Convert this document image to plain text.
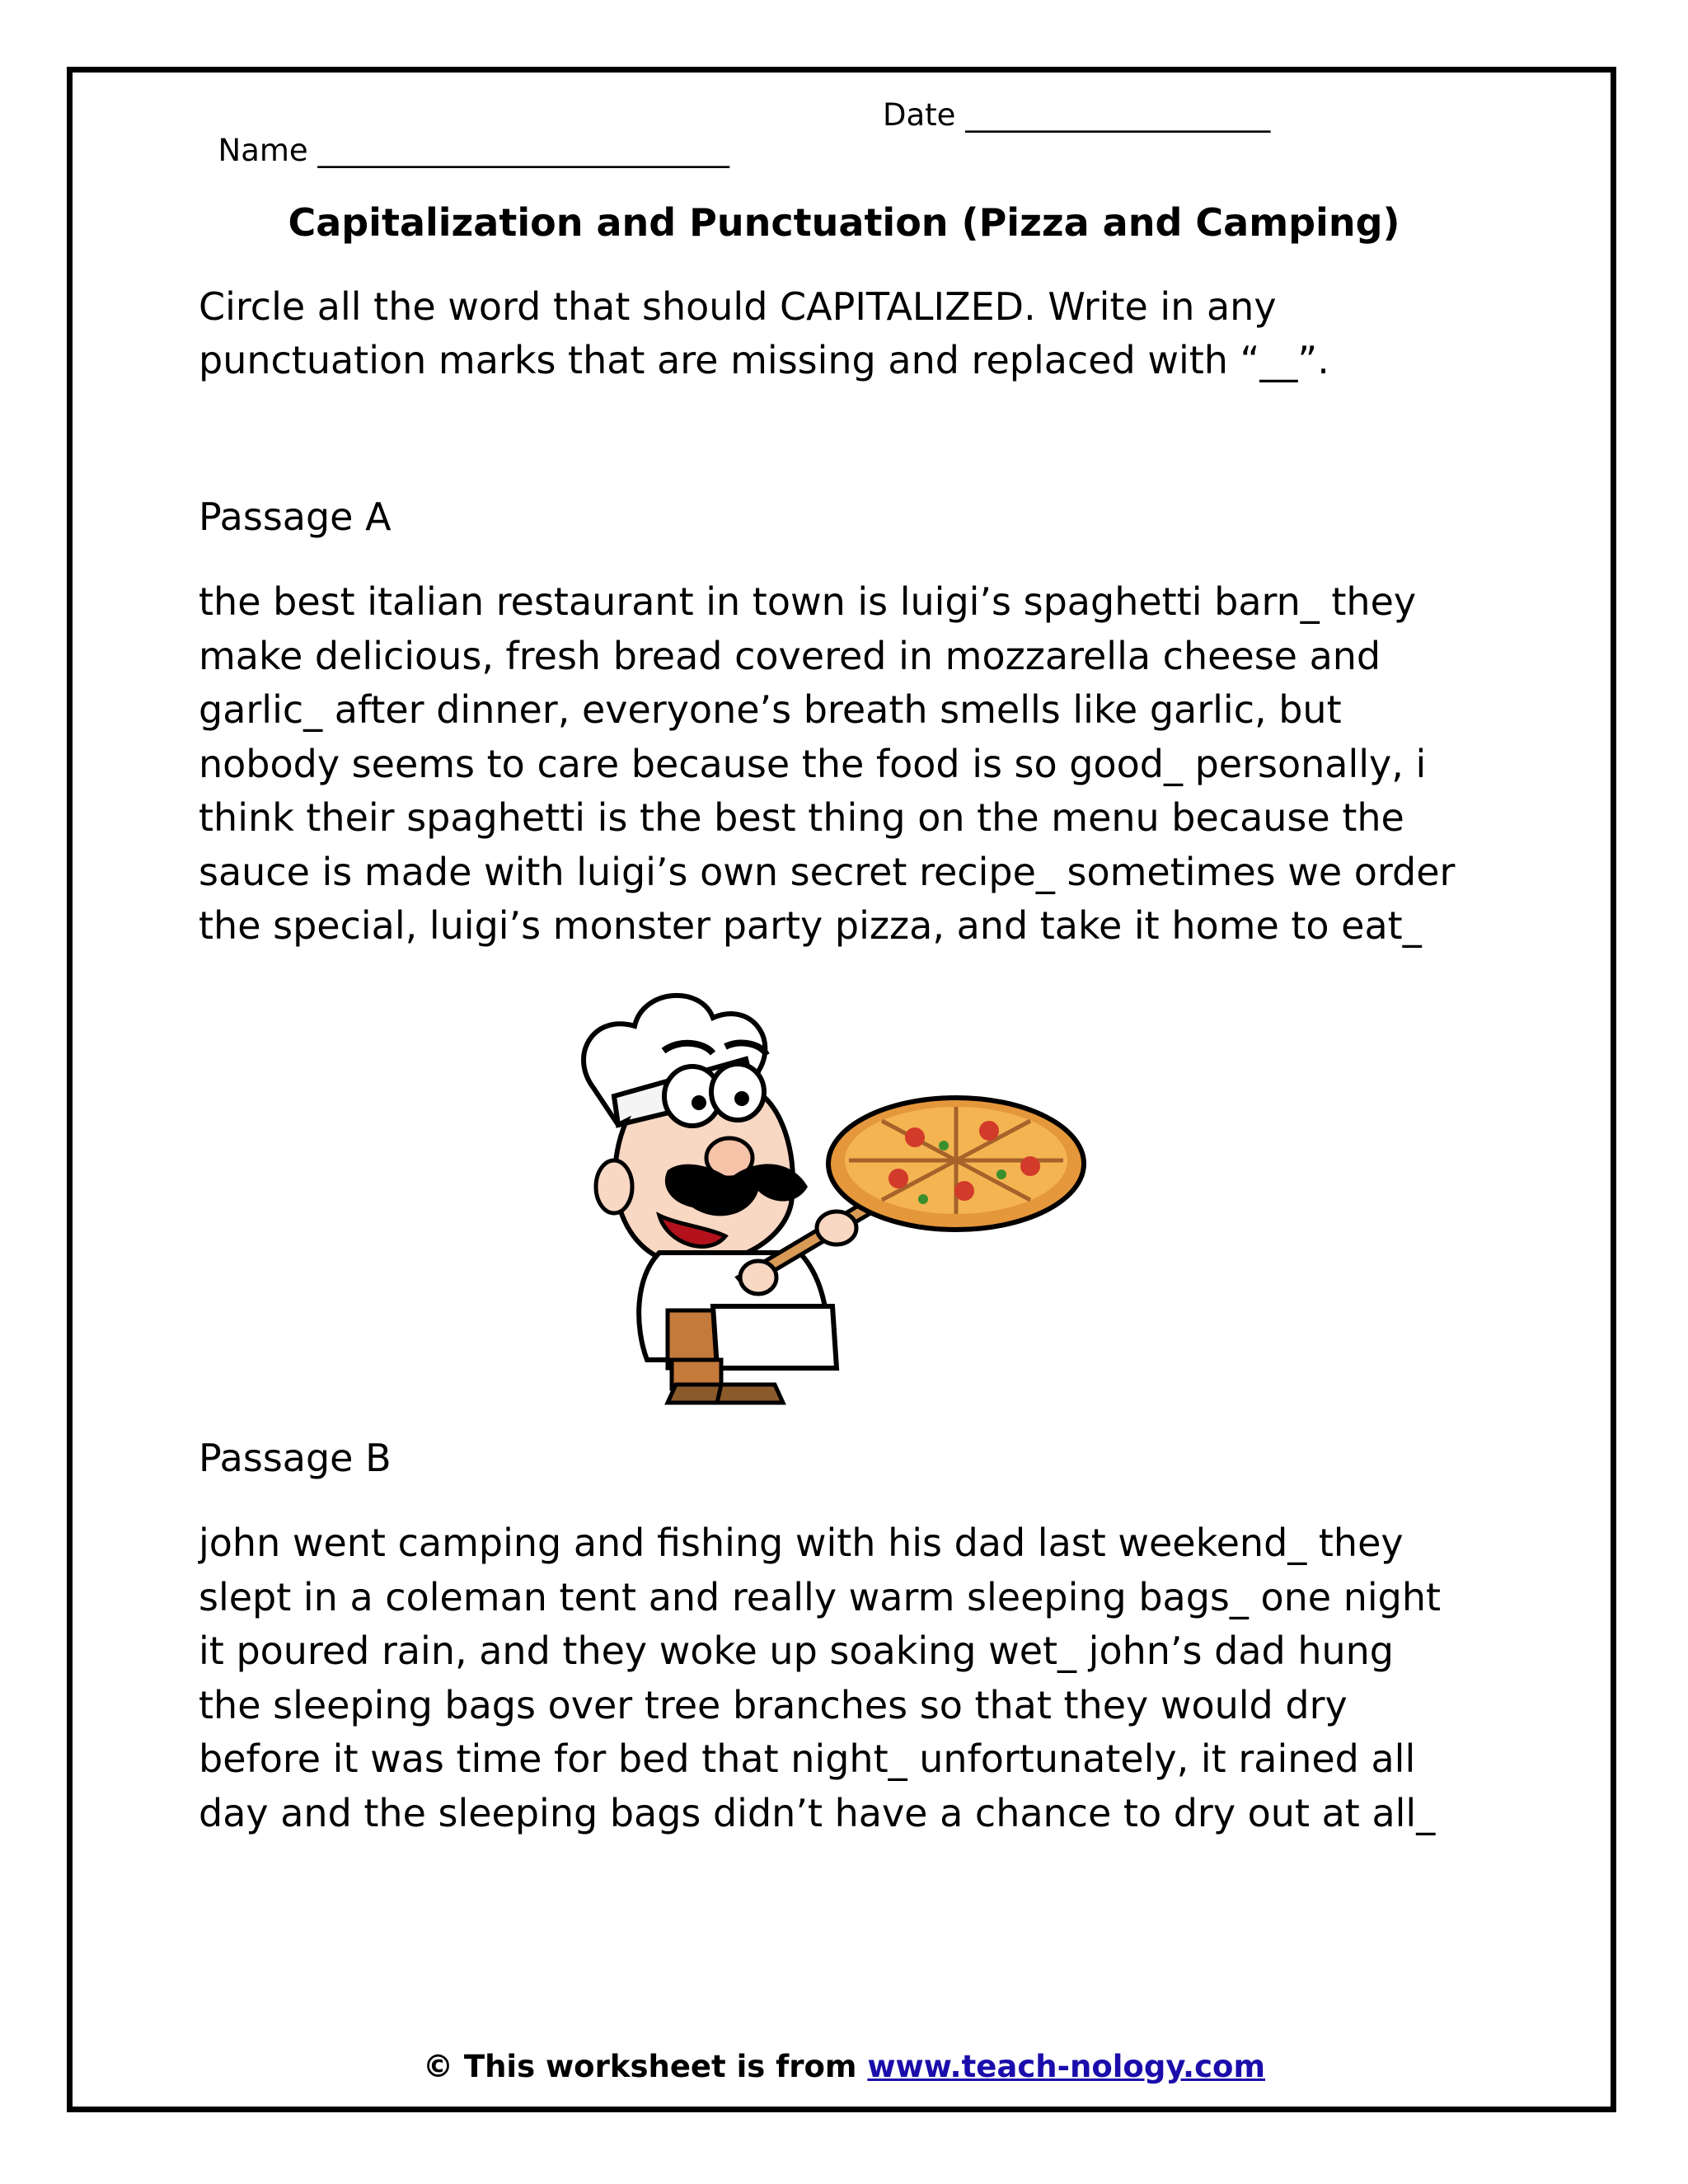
Name ___________________________

Date ____________________

Capitalization and Punctuation (Pizza and Camping)
Circle all the word that should CAPITALIZED. Write in any
punctuation marks that are missing and replaced with “__”.
Passage A
the best italian restaurant in town is luigi’s spaghetti barn_ they
make delicious, fresh bread covered in mozzarella cheese and
garlic_ after dinner, everyone’s breath smells like garlic, but
nobody seems to care because the food is so good_ personally, i
think their spaghetti is the best thing on the menu because the
sauce is made with luigi’s own secret recipe_ sometimes we order
the special, luigi’s monster party pizza, and take it home to eat_
Passage B
john went camping and fishing with his dad last weekend_ they
slept in a coleman tent and really warm sleeping bags_ one night
it poured rain, and they woke up soaking wet_ john’s dad hung
the sleeping bags over tree branches so that they would dry
before it was time for bed that night_ unfortunately, it rained all
day and the sleeping bags didn’t have a chance to dry out at all_
© This worksheet is from www.teach-nology.com
